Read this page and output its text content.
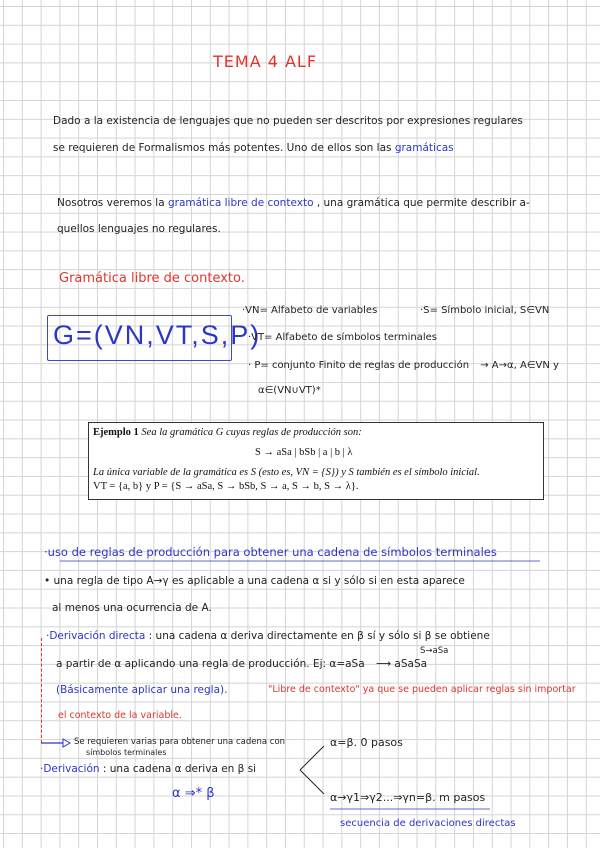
TEMA 4 ALF
Dado a la existencia de lenguajes que no pueden ser descritos por expresiones regulares
se requieren de Formalismos más potentes. Uno de ellos son las gramáticas
Nosotros veremos la gramática libre de contexto , una gramática que permite describir a-
quellos lenguajes no regulares.
Gramática libre de contexto.
G=(VN,VT,S,P)
·VN= Alfabeto de variables	·S= Símbolo inicial, S∈VN
·VT= Alfabeto de símbolos terminales
· P= conjunto Finito de reglas de producción → A→α, A∈VN y
α∈(VN∪VT)*
Ejemplo 1 Sea la gramática G cuyas reglas de producción son:
S → aSa | bSb | a | b | λ
La única variable de la gramática es S (esto es, VN = {S}) y S también es el símbolo inicial.
VT = {a, b} y P = {S → aSa, S → bSb, S → a, S → b, S → λ}.
·uso de reglas de producción para obtener una cadena de símbolos terminales
• una regla de tipo A→γ es aplicable a una cadena α si y sólo si en esta aparece
al menos una ocurrencia de A.
·Derivación directa : una cadena α deriva directamente en β sí y sólo si β se obtiene
S→aSa
a partir de α aplicando una regla de producción. Ej: α=aSa ⟶ aSaSa
(Básicamente aplicar una regla).	"Libre de contexto" ya que se pueden aplicar reglas sin importar
el contexto de la variable.
Se requieren varias para obtener una cadena con
símbolos terminales
·Derivación : una cadena α deriva en β si
α ⇒* β
α=β. 0 pasos
α→γ1⇒γ2...⇒γn=β. m pasos
secuencia de derivaciones directas
